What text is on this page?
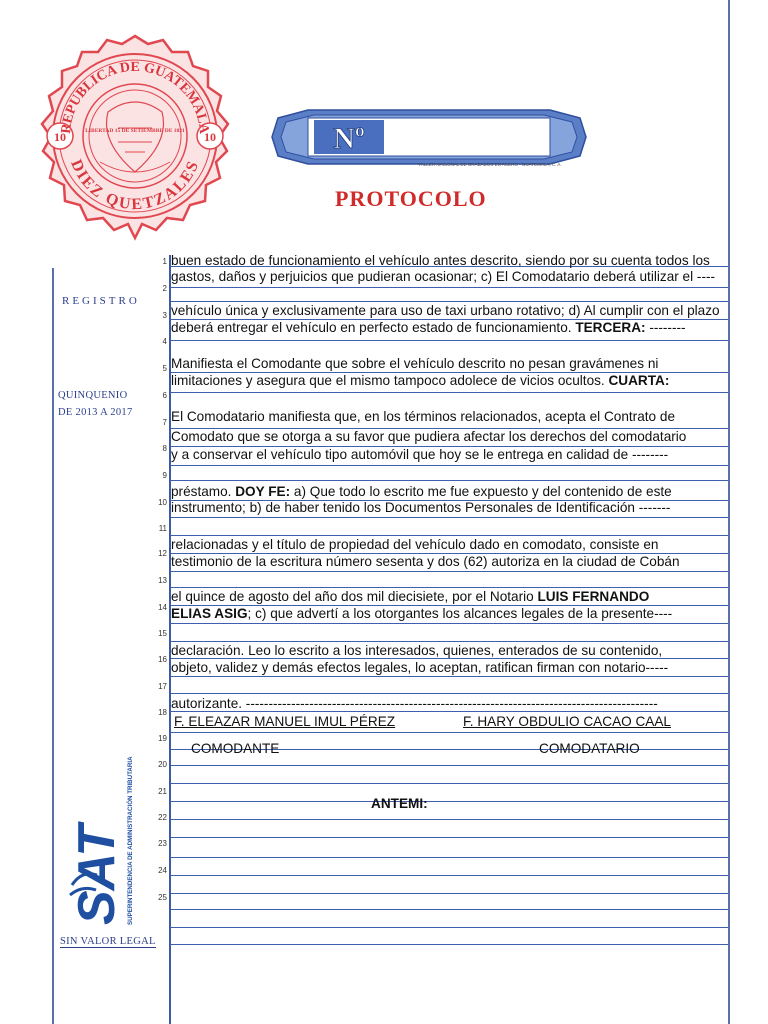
REPUBLICA DE GUATEMALA
DIEZ QUETZALES
10	10
LIBERTAD 15 DE SETIEMBRE DE 1821	Nº
TALLER NACIONAL DE GRABADOS EN ACERO - GUATEMALA, C. A.
PROTOCOLO
REGISTRO
QUINQUENIO
DE 2013 A 2017
SAT SUPERINTENDENCIA DE ADMINISTRACIÓN TRIBUTARIA
SIN VALOR LEGAL
1
2
3
4
5
6
7
8
9
10
11
12
13
14
15
16
17
18
19
20
21
22
23
24
25
buen estado de funcionamiento el vehículo antes descrito, siendo por su cuenta todos los
gastos, daños y perjuicios que pudieran ocasionar; c) El Comodatario deberá utilizar el ----
vehículo única y exclusivamente para uso de taxi urbano rotativo; d) Al cumplir con el plazo
deberá entregar el vehículo en perfecto estado de funcionamiento. TERCERA: --------
Manifiesta el Comodante que sobre el vehículo descrito no pesan gravámenes ni
limitaciones y asegura que el mismo tampoco adolece de vicios ocultos. CUARTA:
El Comodatario manifiesta que, en los términos relacionados, acepta el Contrato de
Comodato que se otorga a su favor que pudiera afectar los derechos del comodatario
y a conservar el vehículo tipo automóvil que hoy se le entrega en calidad de --------
préstamo. DOY FE: a) Que todo lo escrito me fue expuesto y del contenido de este
instrumento; b) de haber tenido los Documentos Personales de Identificación -------
relacionadas y el título de propiedad del vehículo dado en comodato, consiste en
testimonio de la escritura número sesenta y dos (62) autoriza en la ciudad de Cobán
el quince de agosto del año dos mil diecisiete, por el Notario LUIS FERNANDO
ELIAS ASIG; c) que advertí a los otorgantes los alcances legales de la presente----
declaración. Leo lo escrito a los interesados, quienes, enterados de su contenido,
objeto, validez y demás efectos legales, lo aceptan, ratifican firman con notario-----
autorizante. -------------------------------------------------------------------------------------------
F. ELEAZAR MANUEL IMUL PÉREZ	F. HARY OBDULIO CACAO CAAL
COMODANTE	COMODATARIO
ANTEMI:
